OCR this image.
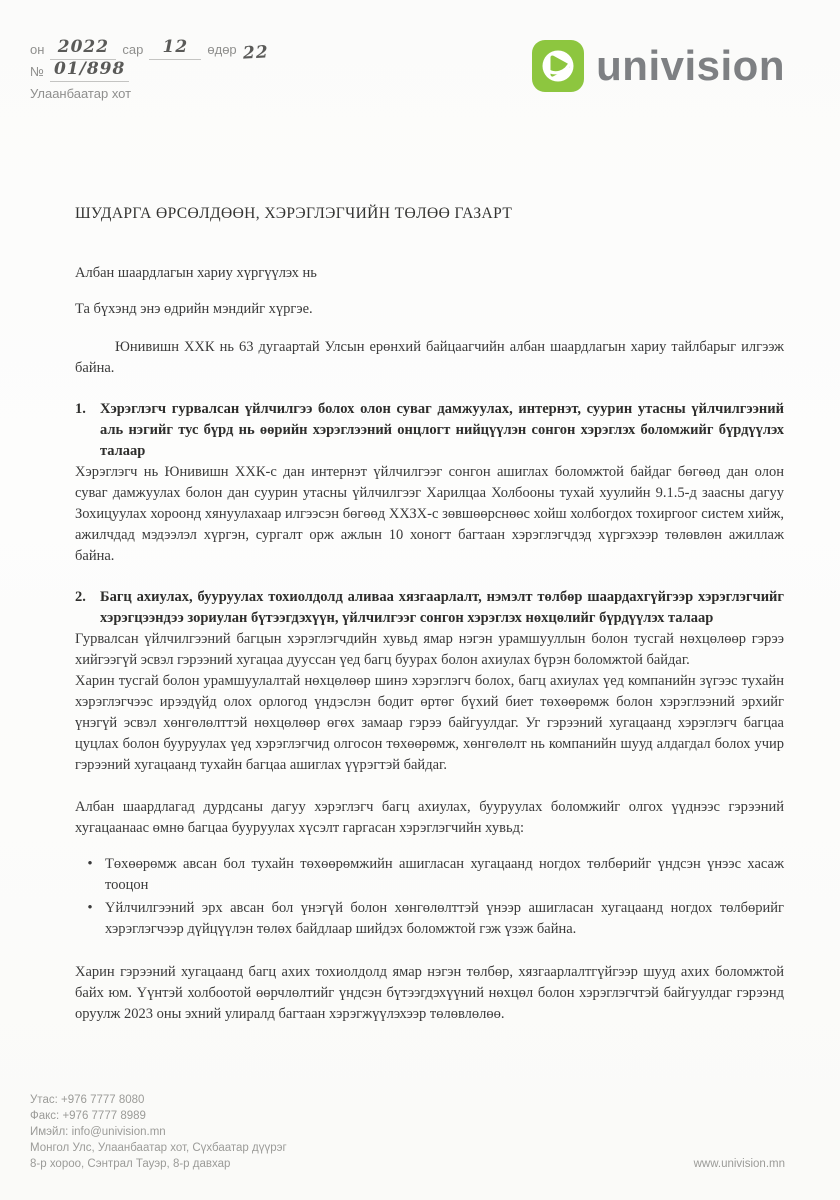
он 2022	сар	12	өдөр 22
№ 01/898
Улаанбаатар хот
univision
ШУДАРГА ӨРСӨЛДӨӨН, ХЭРЭГЛЭГЧИЙН ТӨЛӨӨ ГАЗАРТ
Албан шаардлагын хариу хүргүүлэх нь
Та бүхэнд энэ өдрийн мэндийг хүргэе.

Юнивишн ХХК нь 63 дугаартай Улсын ерөнхий байцаагчийн албан шаардлагын хариу тайлбарыг илгээж байна.

1. Хэрэглэгч гурвалсан үйлчилгээ болох олон суваг дамжуулах, интернэт, суурин утасны үйлчилгээний аль нэгийг тус бүрд нь өөрийн хэрэглээний онцлогт нийцүүлэн сонгон хэрэглэх боломжийг бүрдүүлэх талаар

Хэрэглэгч нь Юнивишн ХХК-с дан интернэт үйлчилгээг сонгон ашиглах боломжтой байдаг бөгөөд дан олон суваг дамжуулах болон дан суурин утасны үйлчилгээг Харилцаа Холбооны тухай хуулийн 9.1.5-д заасны дагуу Зохицуулах хороонд хянуулахаар илгээсэн бөгөөд ХХЗХ-с зөвшөөрснөөс хойш холбогдох тохиргоог систем хийж, ажилчдад мэдээлэл хүргэн, сургалт орж ажлын 10 хоногт багтаан хэрэглэгчдэд хүргэхээр төлөвлөн ажиллаж байна.

2. Багц ахиулах, бууруулах тохиолдолд аливаа хязгаарлалт, нэмэлт төлбөр шаардахгүйгээр хэрэглэгчийг хэрэгцээндээ зориулан бүтээгдэхүүн, үйлчилгээг сонгон хэрэглэх нөхцөлийг бүрдүүлэх талаар

Гурвалсан үйлчилгээний багцын хэрэглэгчдийн хувьд ямар нэгэн урамшууллын болон тусгай нөхцөлөөр гэрээ хийгээгүй эсвэл гэрээний хугацаа дууссан үед багц буурах болон ахиулах бүрэн боломжтой байдаг.

Харин тусгай болон урамшуулалтай нөхцөлөөр шинэ хэрэглэгч болох, багц ахиулах үед компанийн зүгээс тухайн хэрэглэгчээс ирээдүйд олох орлогод үндэслэн бодит өртөг бүхий биет төхөөрөмж болон хэрэглээний эрхийг үнэгүй эсвэл хөнгөлөлттэй нөхцөлөөр өгөх замаар гэрээ байгуулдаг. Уг гэрээний хугацаанд хэрэглэгч багцаа цуцлах болон бууруулах үед хэрэглэгчид олгосон төхөөрөмж, хөнгөлөлт нь компанийн шууд алдагдал болох учир гэрээний хугацаанд тухайн багцаа ашиглах үүрэгтэй байдаг.

Албан шаардлагад дурдсаны дагуу хэрэглэгч багц ахиулах, бууруулах боломжийг олгох үүднээс гэрээний хугацаанаас өмнө багцаа бууруулах хүсэлт гаргасан хэрэглэгчийн хувьд:

• Төхөөрөмж авсан бол тухайн төхөөрөмжийн ашигласан хугацаанд ногдох төлбөрийг үндсэн үнээс хасаж тооцон
• Үйлчилгээний эрх авсан бол үнэгүй болон хөнгөлөлттэй үнээр ашигласан хугацаанд ногдох төлбөрийг хэрэглэгчээр дүйцүүлэн төлөх байдлаар шийдэх боломжтой гэж үзэж байна.

Харин гэрээний хугацаанд багц ахих тохиолдолд ямар нэгэн төлбөр, хязгаарлалтгүйгээр шууд ахих боломжтой байх юм. Үүнтэй холбоотой өөрчлөлтийг үндсэн бүтээгдэхүүний нөхцөл болон хэрэглэгчтэй байгуулдаг гэрээнд оруулж 2023 оны эхний улиралд багтаан хэрэгжүүлэхээр төлөвлөлөө.

Утас: +976 7777 8080
Факс: +976 7777 8989
Имэйл: info@univision.mn
Монгол Улс, Улаанбаатар хот, Сүхбаатар дүүрэг
8-р хороо, Сэнтрал Тауэр, 8-р давхар	www.univision.mn
